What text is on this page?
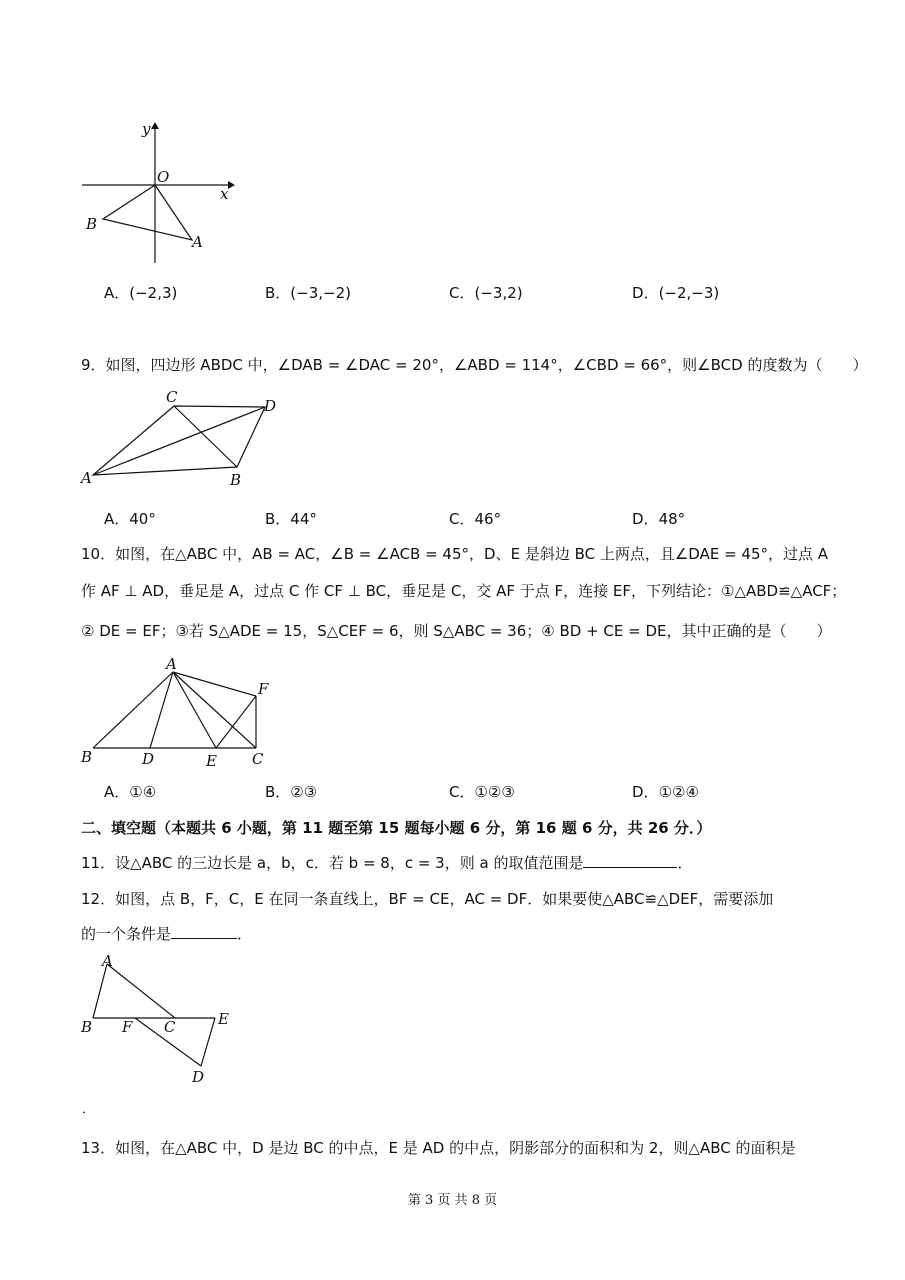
y
O
x
B
A
A．(−2,3)	B．(−3,−2)	C．(−3,2)	D．(−2,−3)
9．如图，四边形 ABDC 中，∠DAB = ∠DAC = 20°，∠ABD = 114°，∠CBD = 66°，则∠BCD 的度数为（　　）
C	D
A	B
A．40°	B．44°	C．46°	D．48°
10．如图，在△ABC 中，AB = AC，∠B = ∠ACB = 45°，D、E 是斜边 BC 上两点，且∠DAE = 45°，过点 A
作 AF ⊥ AD，垂足是 A，过点 C 作 CF ⊥ BC，垂足是 C，交 AF 于点 F，连接 EF，下列结论：①△ABD≌△ACF；
② DE = EF；③若 S△ADE = 15，S△CEF = 6，则 S△ABC = 36；④ BD + CE = DE，其中正确的是（　　）
A
F
B	D	E C
A．①④	B．②③	C．①②③	D．①②④
二、填空题（本题共 6 小题，第 11 题至第 15 题每小题 6 分，第 16 题 6 分，共 26 分．）
11．设△ABC 的三边长是 a，b，c．若 b = 8，c = 3，则 a 的取值范围是	．
12．如图，点 B，F，C，E 在同一条直线上，BF = CE，AC = DF．如果要使△ABC≌△DEF，需要添加
的一个条件是	．
A
B F C	E
D
．
13．如图，在△ABC 中，D 是边 BC 的中点，E 是 AD 的中点，阴影部分的面积和为 2，则△ABC 的面积是
第 3 页 共 8 页
